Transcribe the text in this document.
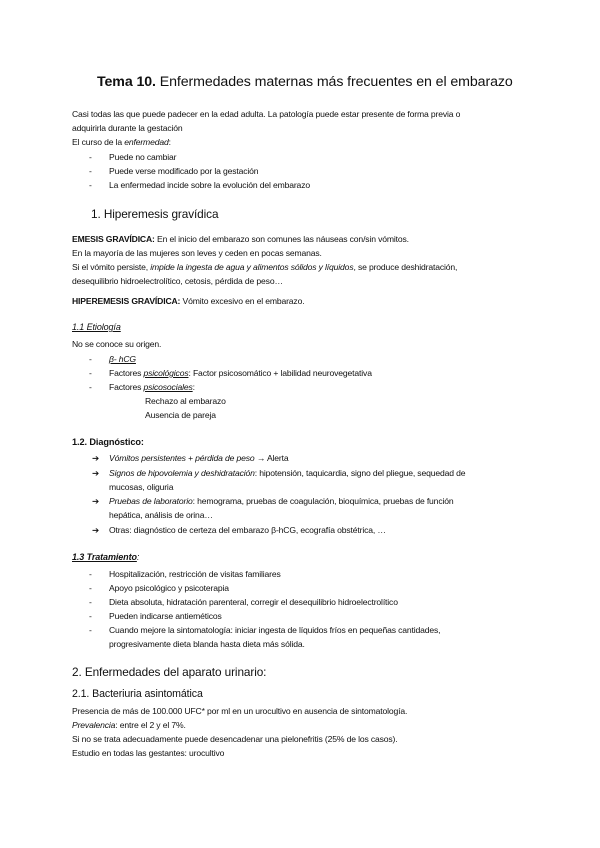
Tema 10. Enfermedades maternas más frecuentes en el embarazo
Casi todas las que puede padecer en la edad adulta. La patología puede estar presente de forma previa o
adquirirla durante la gestación
El curso de la enfermedad:
-	Puede no cambiar
-	Puede verse modificado por la gestación
-	La enfermedad incide sobre la evolución del embarazo
1. Hiperemesis gravídica
EMESIS GRAVÍDICA: En el inicio del embarazo son comunes las náuseas con/sin vómitos.
En la mayoría de las mujeres son leves y ceden en pocas semanas.
Si el vómito persiste, impide la ingesta de agua y alimentos sólidos y líquidos, se produce deshidratación,
desequilibrio hidroelectrolítico, cetosis, pérdida de peso…
HIPEREMESIS GRAVÍDICA: Vómito excesivo en el embarazo.
1.1 Etiología
No se conoce su origen.
-	β- hCG
-	Factores psicológicos: Factor psicosomático + labilidad neurovegetativa
-	Factores psicosociales:
Rechazo al embarazo
Ausencia de pareja
1.2. Diagnóstico:
➔	Vómitos persistentes + pérdida de peso → Alerta
➔	Signos de hipovolemia y deshidratación: hipotensión, taquicardia, signo del pliegue, sequedad de
mucosas, oliguria
➔	Pruebas de laboratorio: hemograma, pruebas de coagulación, bioquímica, pruebas de función
hepática, análisis de orina…
➔	Otras: diagnóstico de certeza del embarazo β-hCG, ecografía obstétrica, …
1.3 Tratamiento:
-	Hospitalización, restricción de visitas familiares
-	Apoyo psicológico y psicoterapia
-	Dieta absoluta, hidratación parenteral, corregir el desequilibrio hidroelectrolítico
-	Pueden indicarse antieméticos
-	Cuando mejore la sintomatología: iniciar ingesta de líquidos fríos en pequeñas cantidades,
progresivamente dieta blanda hasta dieta más sólida.
2. Enfermedades del aparato urinario:
2.1. Bacteriuria asintomática
Presencia de más de 100.000 UFC* por ml en un urocultivo en ausencia de sintomatología.
Prevalencia: entre el 2 y el 7%.
Si no se trata adecuadamente puede desencadenar una pielonefritis (25% de los casos).
Estudio en todas las gestantes: urocultivo
